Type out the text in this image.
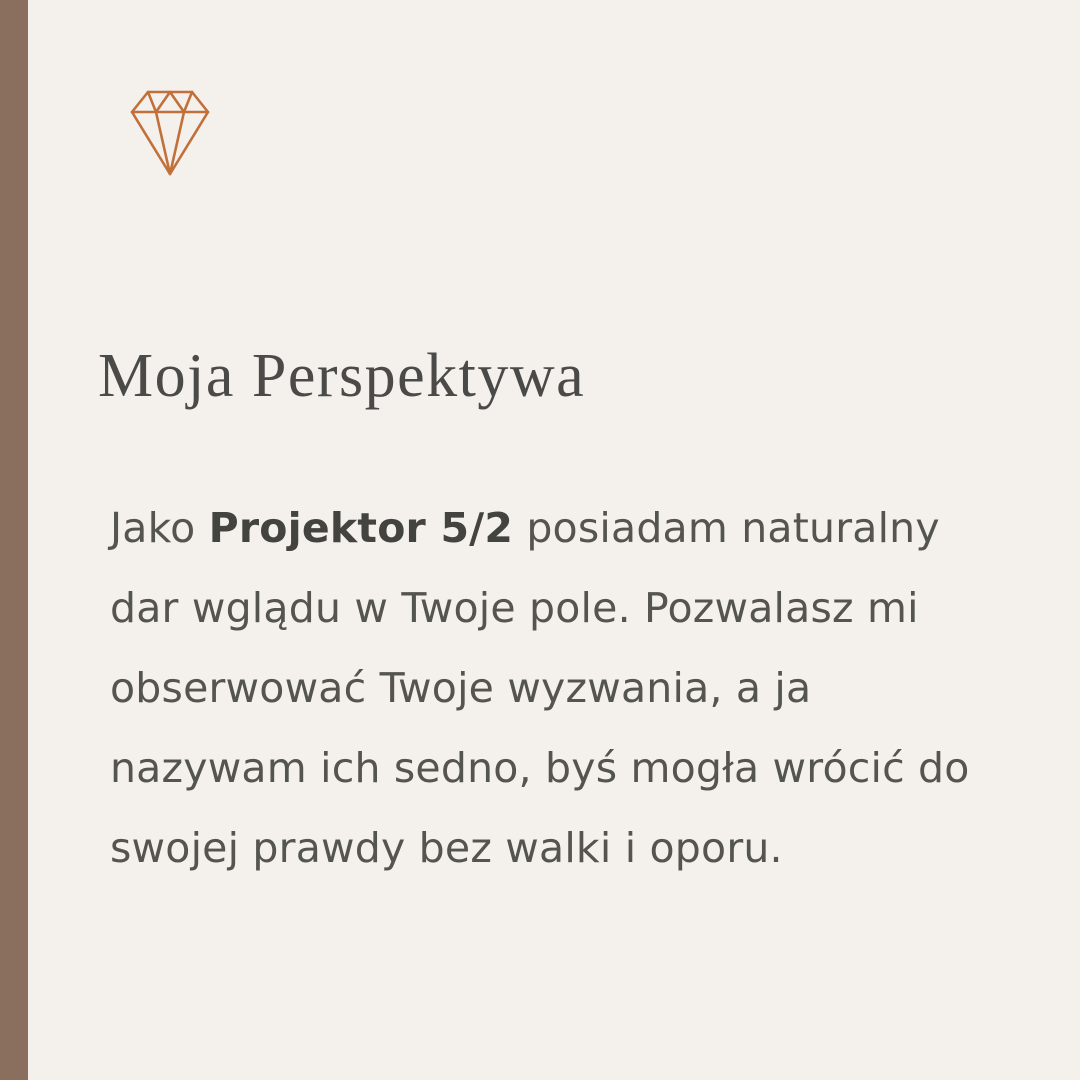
Moja Perspektywa

Jako Projektor 5/2 posiadam naturalny dar wglądu w Twoje pole. Pozwalasz mi obserwować Twoje wyzwania, a ja nazywam ich sedno, byś mogła wrócić do swojej prawdy bez walki i oporu.
